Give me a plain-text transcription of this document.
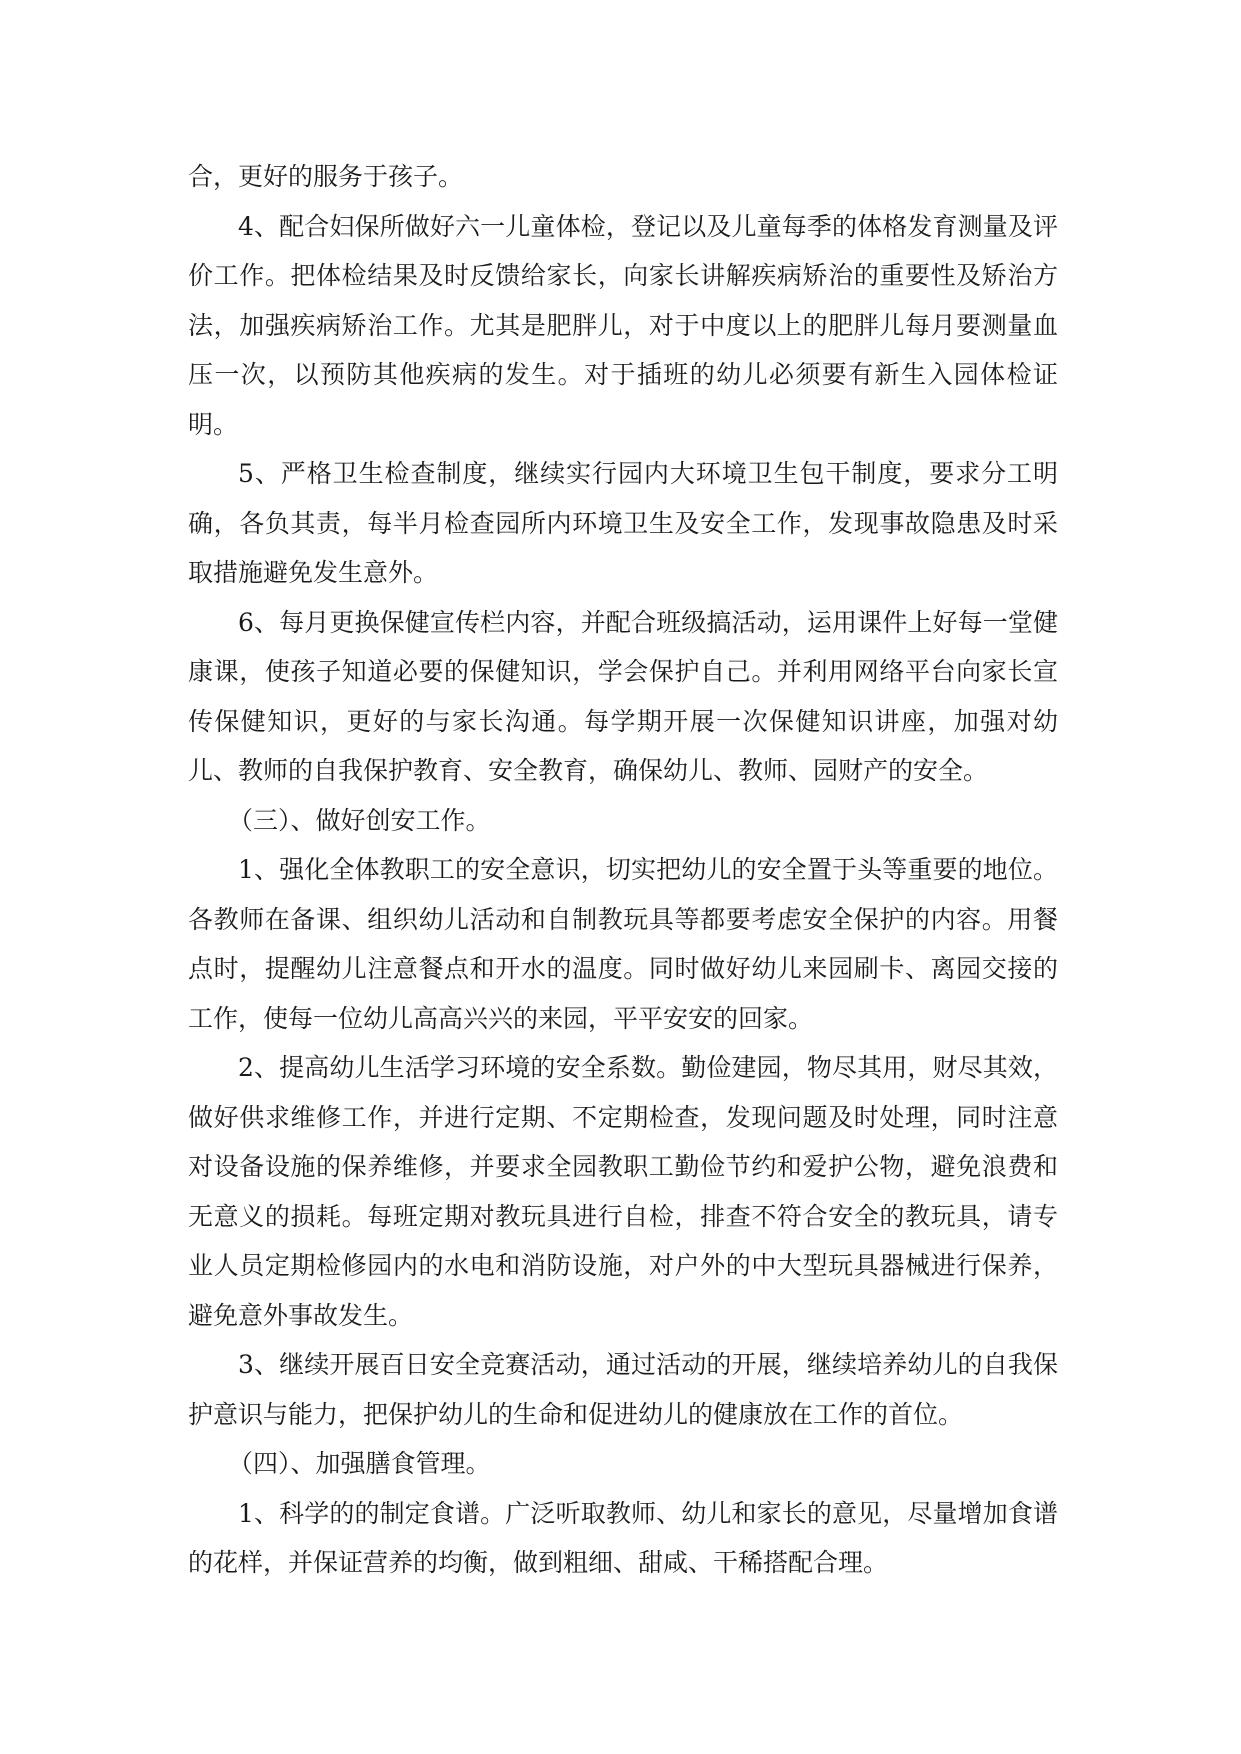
合，更好的服务于孩子。

4、配合妇保所做好六一儿童体检，登记以及儿童每季的体格发育测量及评价工作。把体检结果及时反馈给家长，向家长讲解疾病矫治的重要性及矫治方法，加强疾病矫治工作。尤其是肥胖儿，对于中度以上的肥胖儿每月要测量血压一次，以预防其他疾病的发生。对于插班的幼儿必须要有新生入园体检证明。

5、严格卫生检查制度，继续实行园内大环境卫生包干制度，要求分工明确，各负其责，每半月检查园所内环境卫生及安全工作，发现事故隐患及时采取措施避免发生意外。

6、每月更换保健宣传栏内容，并配合班级搞活动，运用课件上好每一堂健康课，使孩子知道必要的保健知识，学会保护自己。并利用网络平台向家长宣传保健知识，更好的与家长沟通。每学期开展一次保健知识讲座，加强对幼儿、教师的自我保护教育、安全教育，确保幼儿、教师、园财产的安全。

（三）、做好创安工作。

1、强化全体教职工的安全意识，切实把幼儿的安全置于头等重要的地位。各教师在备课、组织幼儿活动和自制教玩具等都要考虑安全保护的内容。用餐点时，提醒幼儿注意餐点和开水的温度。同时做好幼儿来园刷卡、离园交接的工作，使每一位幼儿高高兴兴的来园，平平安安的回家。

2、提高幼儿生活学习环境的安全系数。勤俭建园，物尽其用，财尽其效，做好供求维修工作，并进行定期、不定期检查，发现问题及时处理，同时注意对设备设施的保养维修，并要求全园教职工勤俭节约和爱护公物，避免浪费和无意义的损耗。每班定期对教玩具进行自检，排查不符合安全的教玩具，请专业人员定期检修园内的水电和消防设施，对户外的中大型玩具器械进行保养，避免意外事故发生。

3、继续开展百日安全竞赛活动，通过活动的开展，继续培养幼儿的自我保护意识与能力，把保护幼儿的生命和促进幼儿的健康放在工作的首位。

（四）、加强膳食管理。

1、科学的的制定食谱。广泛听取教师、幼儿和家长的意见，尽量增加食谱的花样，并保证营养的均衡，做到粗细、甜咸、干稀搭配合理。
